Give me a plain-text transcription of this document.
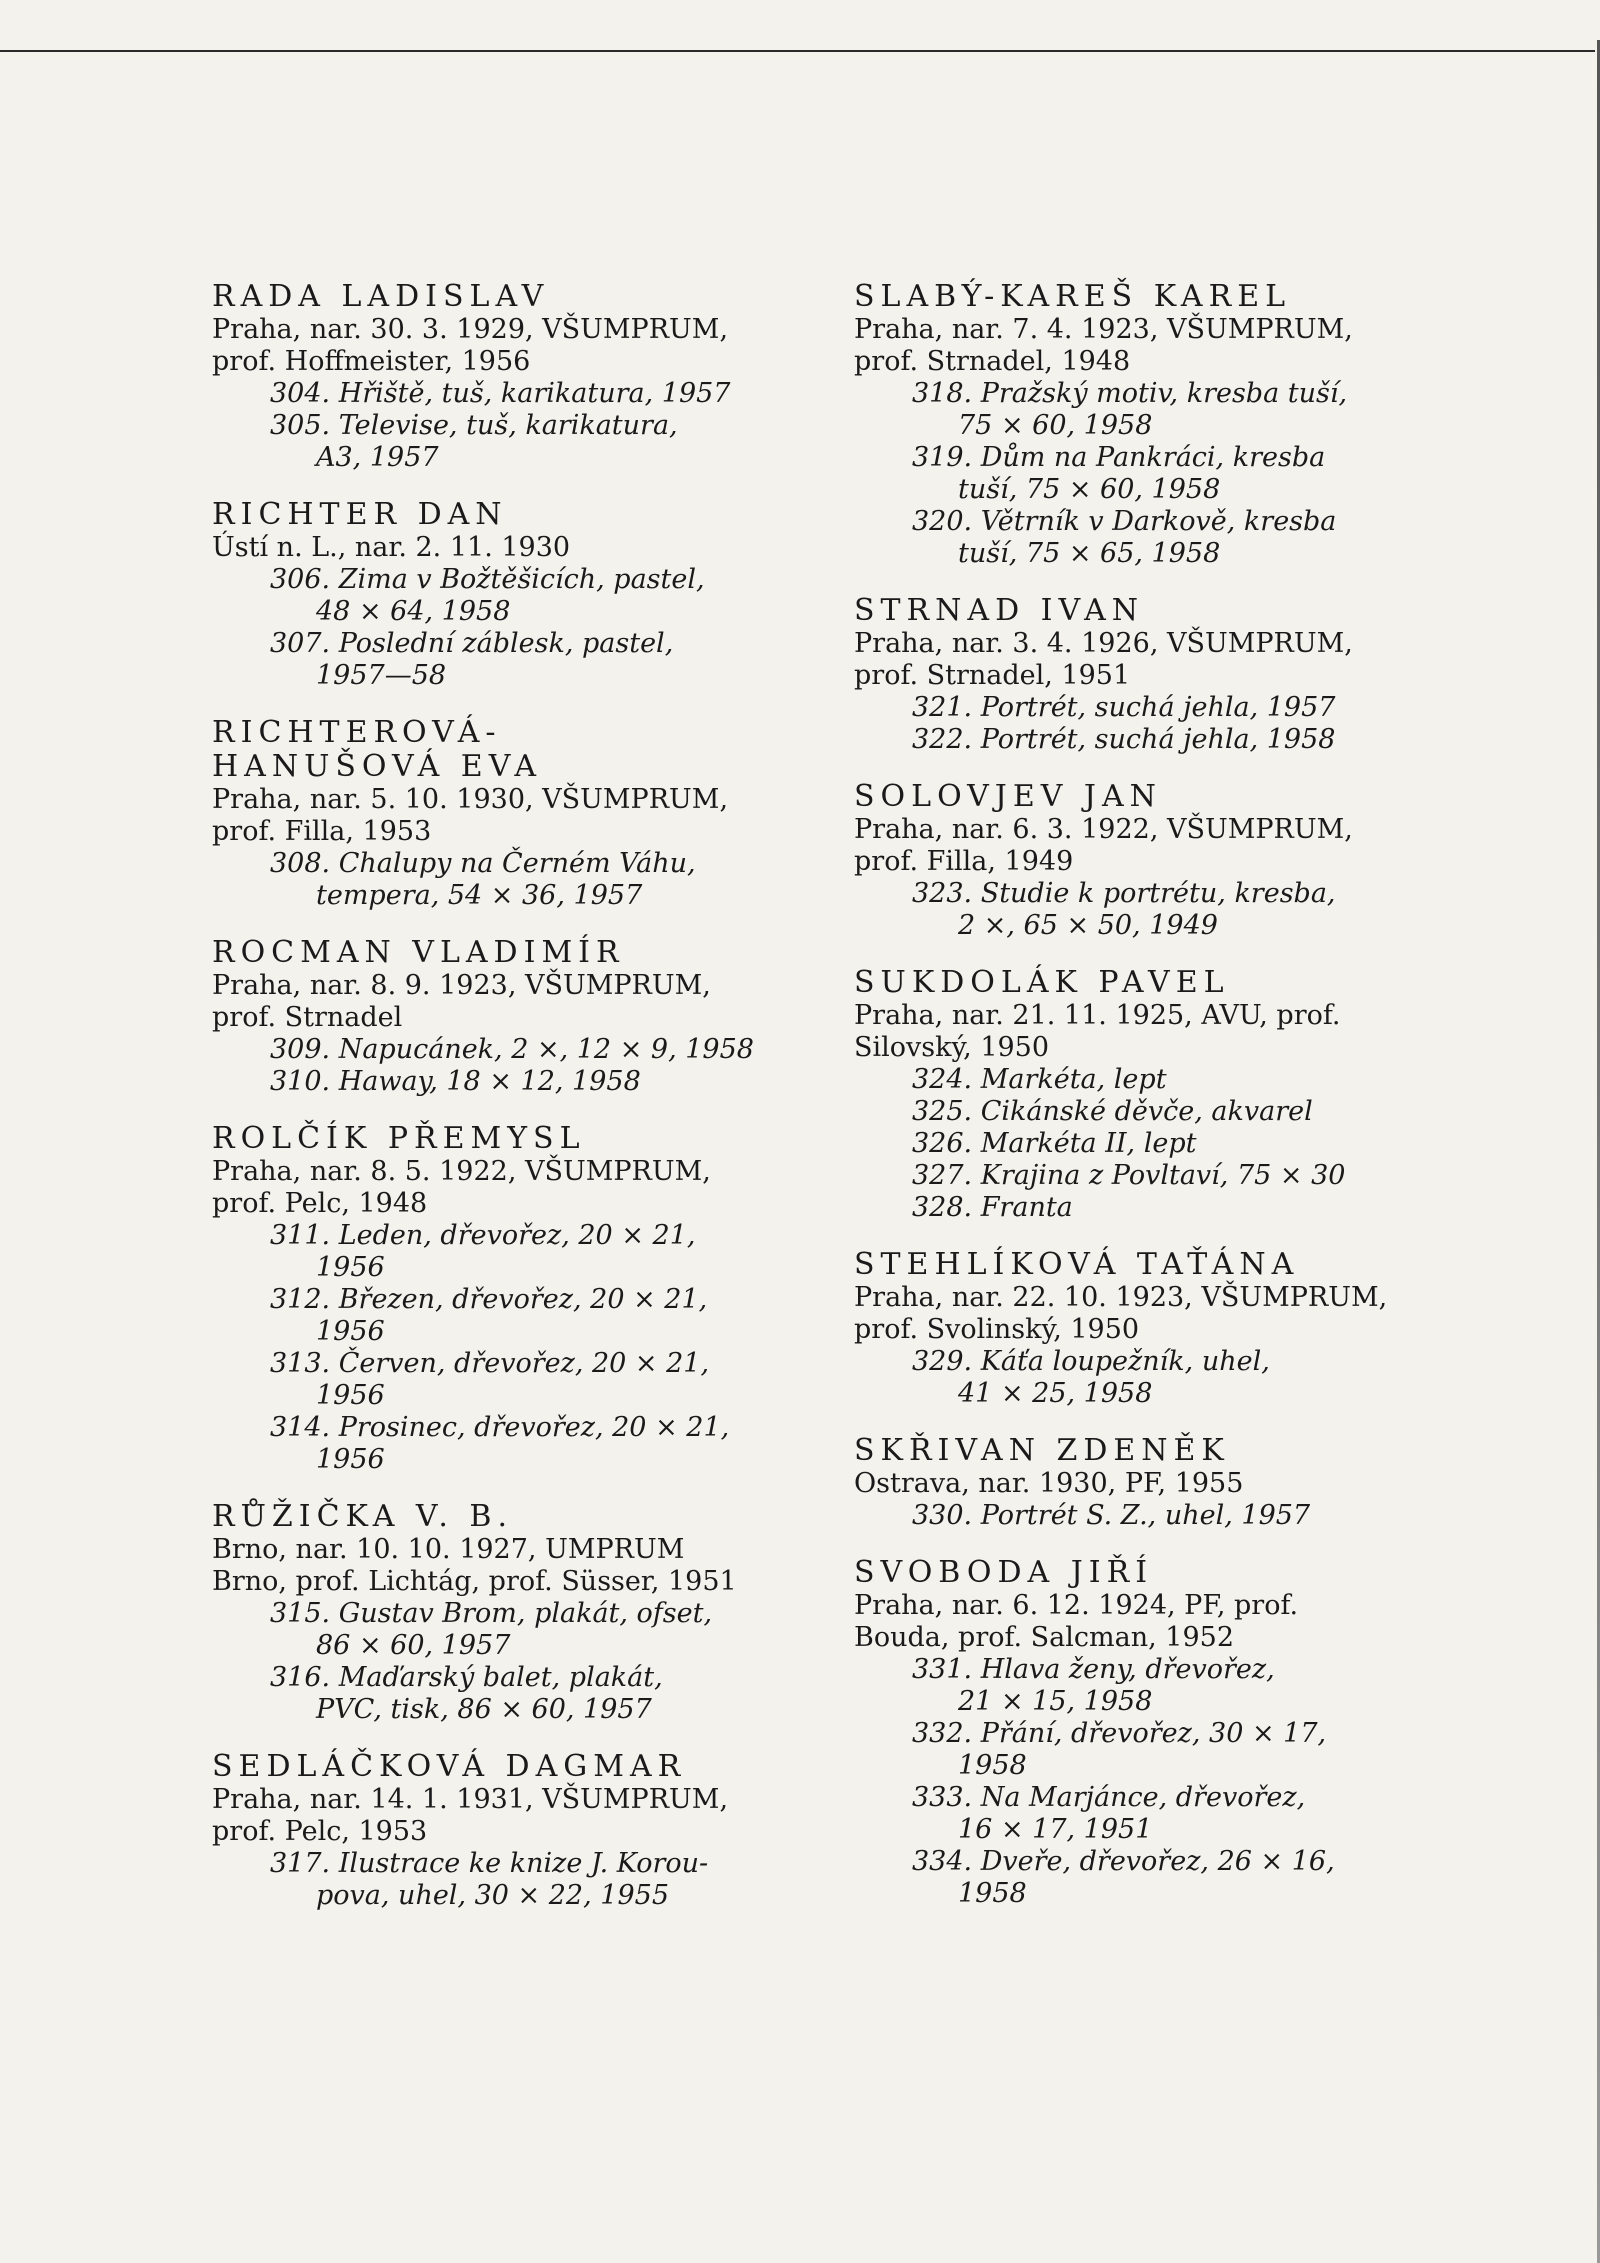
RADA LADISLAV
Praha, nar. 30. 3. 1929, VŠUMPRUM,
prof. Hoffmeister, 1956
304. Hřiště, tuš, karikatura, 1957
305. Televise, tuš, karikatura,
A3, 1957
RICHTER DAN
Ústí n. L., nar. 2. 11. 1930
306. Zima v Božtěšicích, pastel,
48 × 64, 1958
307. Poslední záblesk, pastel,
1957—58
RICHTEROVÁ-
HANUŠOVÁ EVA
Praha, nar. 5. 10. 1930, VŠUMPRUM,
prof. Filla, 1953
308. Chalupy na Černém Váhu,
tempera, 54 × 36, 1957
ROCMAN VLADIMÍR
Praha, nar. 8. 9. 1923, VŠUMPRUM,
prof. Strnadel
309. Napucánek, 2 ×, 12 × 9, 1958
310. Haway, 18 × 12, 1958
ROLČÍK PŘEMYSL
Praha, nar. 8. 5. 1922, VŠUMPRUM,
prof. Pelc, 1948
311. Leden, dřevořez, 20 × 21,
1956
312. Březen, dřevořez, 20 × 21,
1956
313. Červen, dřevořez, 20 × 21,
1956
314. Prosinec, dřevořez, 20 × 21,
1956
RŮŽIČKA V. B.
Brno, nar. 10. 10. 1927, UMPRUM
Brno, prof. Lichtág, prof. Süsser, 1951
315. Gustav Brom, plakát, ofset,
86 × 60, 1957
316. Maďarský balet, plakát,
PVC, tisk, 86 × 60, 1957
SEDLÁČKOVÁ DAGMAR
Praha, nar. 14. 1. 1931, VŠUMPRUM,
prof. Pelc, 1953
317. Ilustrace ke knize J. Korou-
pova, uhel, 30 × 22, 1955
SLABÝ-KAREŠ KAREL
Praha, nar. 7. 4. 1923, VŠUMPRUM,
prof. Strnadel, 1948
318. Pražský motiv, kresba tuší,
75 × 60, 1958
319. Dům na Pankráci, kresba
tuší, 75 × 60, 1958
320. Větrník v Darkově, kresba
tuší, 75 × 65, 1958
STRNAD IVAN
Praha, nar. 3. 4. 1926, VŠUMPRUM,
prof. Strnadel, 1951
321. Portrét, suchá jehla, 1957
322. Portrét, suchá jehla, 1958
SOLOVJEV JAN
Praha, nar. 6. 3. 1922, VŠUMPRUM,
prof. Filla, 1949
323. Studie k portrétu, kresba,
2 ×, 65 × 50, 1949
SUKDOLÁK PAVEL
Praha, nar. 21. 11. 1925, AVU, prof.
Silovský, 1950
324. Markéta, lept
325. Cikánské děvče, akvarel
326. Markéta II, lept
327. Krajina z Povltaví, 75 × 30
328. Franta
STEHLÍKOVÁ TAŤÁNA
Praha, nar. 22. 10. 1923, VŠUMPRUM,
prof. Svolinský, 1950
329. Káťa loupežník, uhel,
41 × 25, 1958
SKŘIVAN ZDENĚK
Ostrava, nar. 1930, PF, 1955
330. Portrét S. Z., uhel, 1957
SVOBODA JIŘÍ
Praha, nar. 6. 12. 1924, PF, prof.
Bouda, prof. Salcman, 1952
331. Hlava ženy, dřevořez,
21 × 15, 1958
332. Přání, dřevořez, 30 × 17,
1958
333. Na Marjánce, dřevořez,
16 × 17, 1951
334. Dveře, dřevořez, 26 × 16,
1958
